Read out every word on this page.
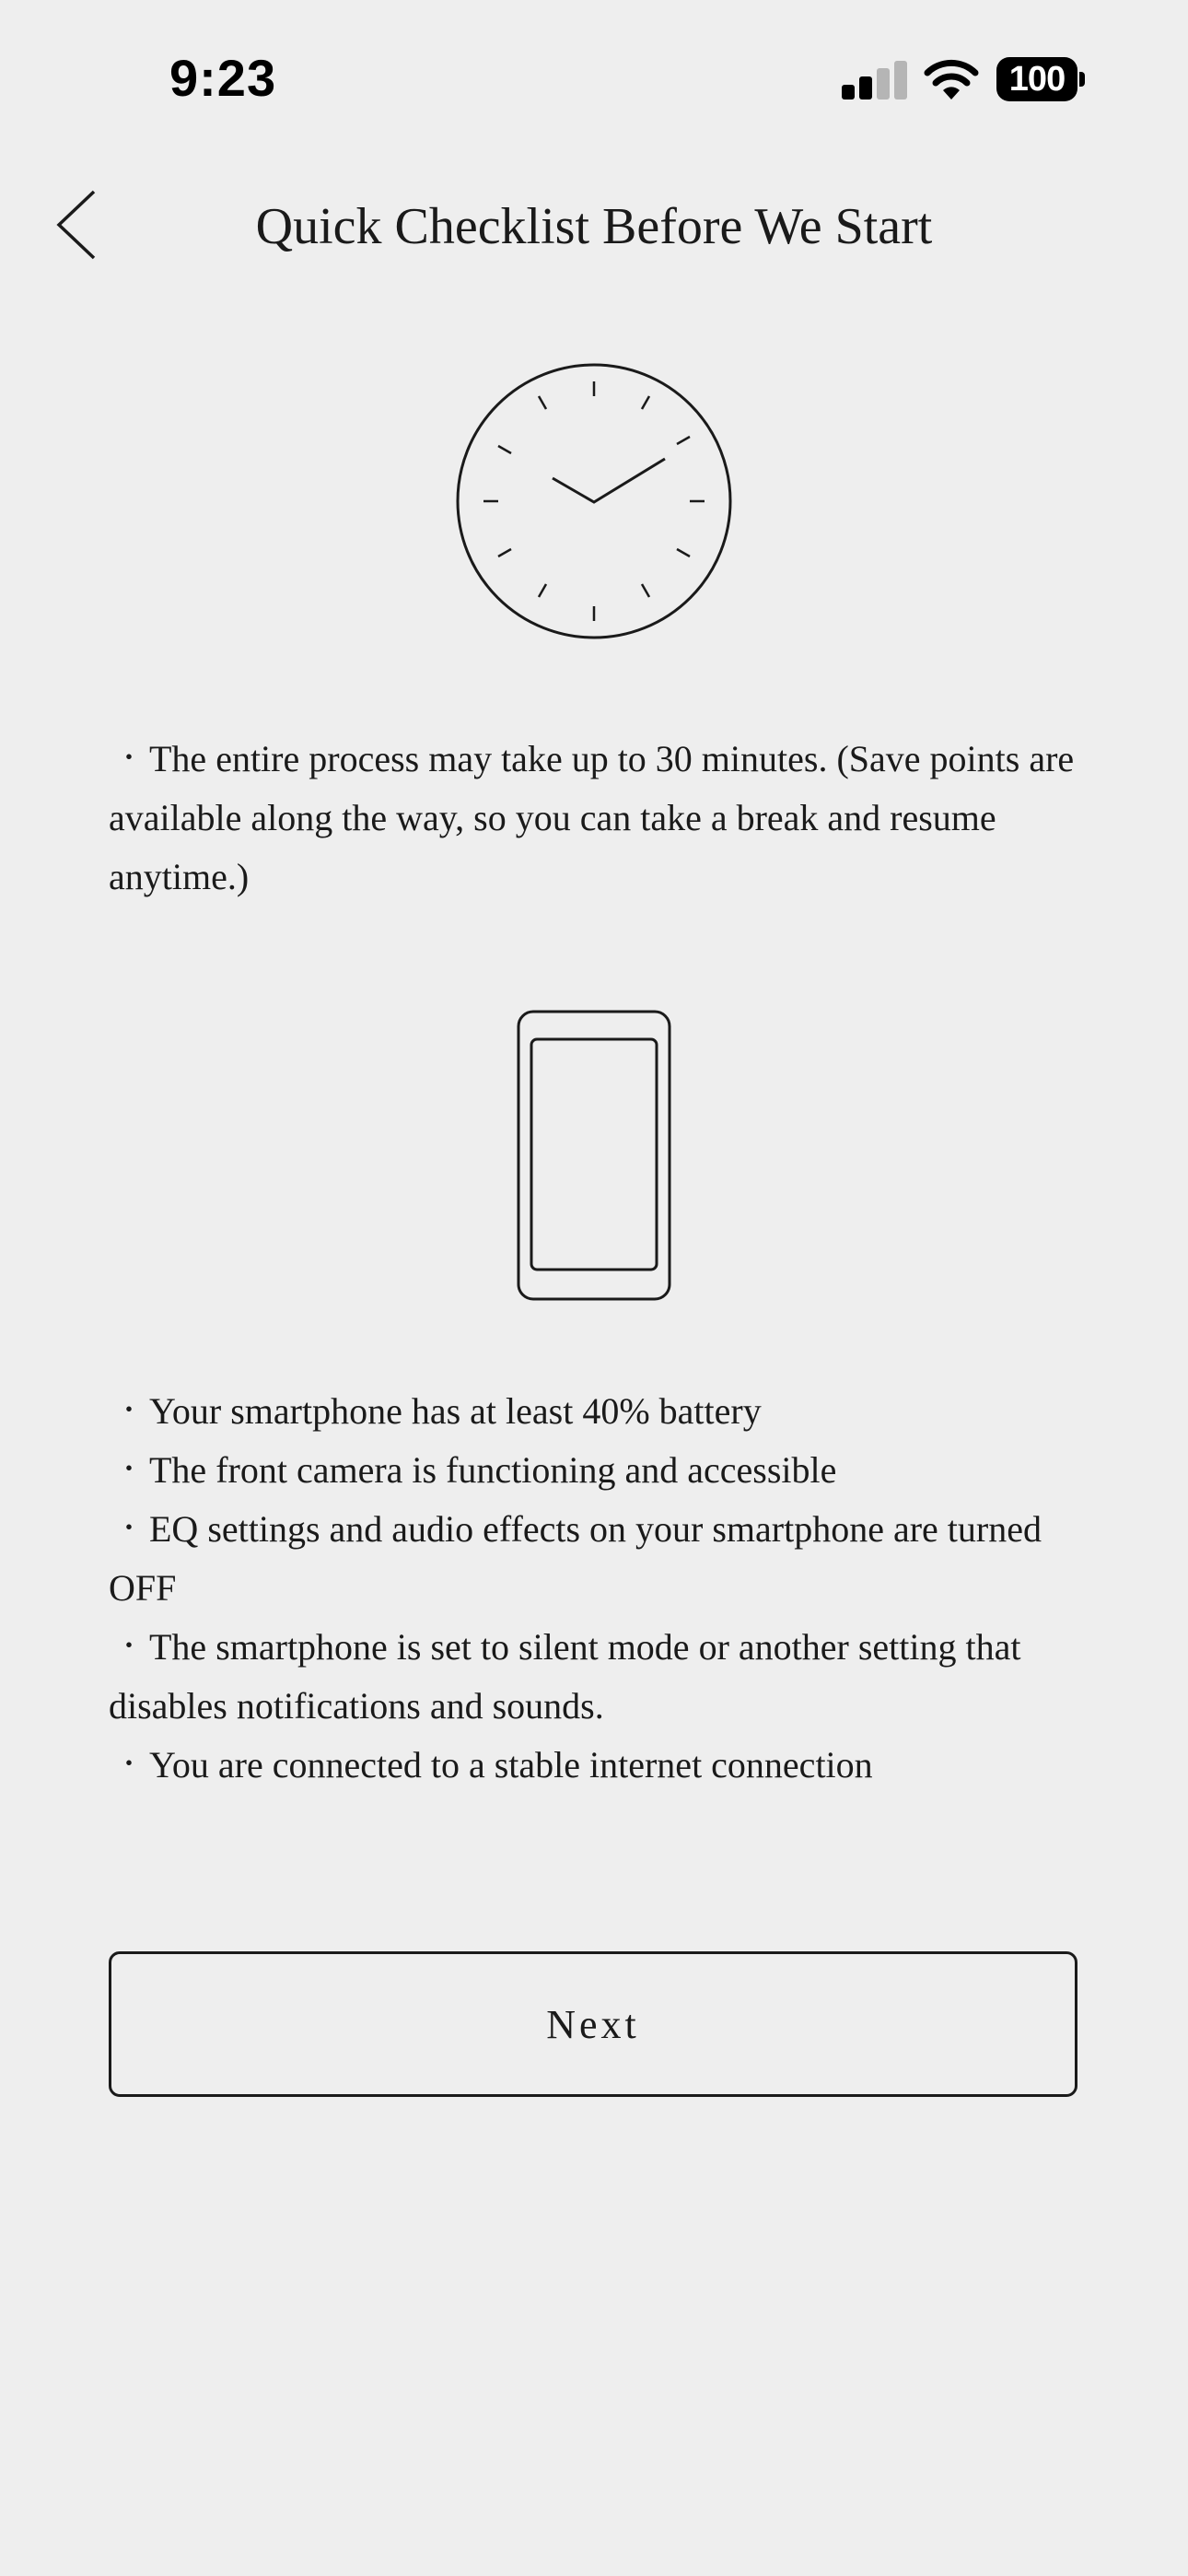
9:23	100
Quick Checklist Before We Start
・ The entire process may take up to 30 minutes. (Save points are available along the way, so you can take a break and resume anytime.)
・ Your smartphone has at least 40% battery
・ The front camera is functioning and accessible
・ EQ settings and audio effects on your smartphone are turned OFF
・ The smartphone is set to silent mode or another setting that disables notifications and sounds.
・ You are connected to a stable internet connection
Next
